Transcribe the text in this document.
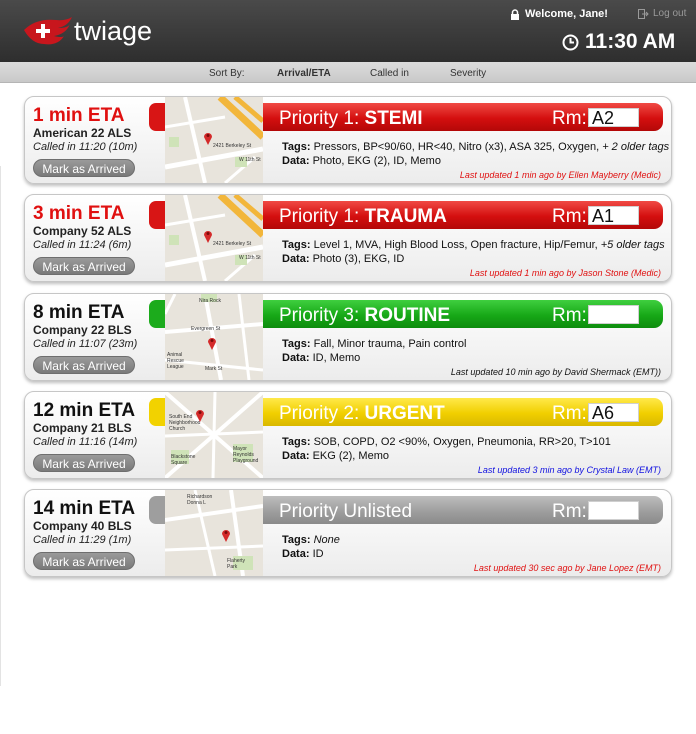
twiage
Welcome, Jane!	Log out
11:30 AM
Sort By:	Arrival/ETA	Called in	Severity
1 min ETA
American 22 ALS
Called in 11:20 (10m)
Mark as Arrived
2421 Berkeley St
W 11th St
Priority 1: STEMI	Rm: A2
Tags: Pressors, BP<90/60, HR<40, Nitro (x3), ASA 325, Oxygen, + 2 older tags
Data: Photo, EKG (2), ID, Memo
Last updated 1 min ago by Ellen Mayberry (Medic)
3 min ETA
Company 52 ALS
Called in 11:24 (6m)
Mark as Arrived
2421 Berkeley St
W 11th St
Priority 1: TRAUMA	Rm: A1
Tags: Level 1, MVA, High Blood Loss, Open fracture, Hip/Femur, +5 older tags
Data: Photo (3), EKG, ID
Last updated 1 min ago by Jason Stone (Medic)
8 min ETA
Company 22 BLS
Called in 11:07 (23m)
Mark as Arrived
Nira Rock
Evergreen St
Animal Rescue League	Mark St
Priority 3: ROUTINE	Rm:
Tags: Fall, Minor trauma, Pain control
Data: ID, Memo
Last updated 10 min ago by David Shermack (EMT))
12 min ETA
Company 21 BLS
Called in 11:16 (14m)
Mark as Arrived
South End Neighborhood Church
Blackstone Square
Mayor Reynolds Playground
Priority 2: URGENT	Rm: A6
Tags: SOB, COPD, O2 <90%, Oxygen, Pneumonia, RR>20, T>101
Data: EKG (2), Memo
Last updated 3 min ago by Crystal Law (EMT)
14 min ETA
Company 40 BLS
Called in 11:29 (1m)
Mark as Arrived
Richardson Donna L
Flaherty Park
Priority Unlisted	Rm:
Tags: None
Data: ID
Last updated 30 sec ago by Jane Lopez (EMT)
